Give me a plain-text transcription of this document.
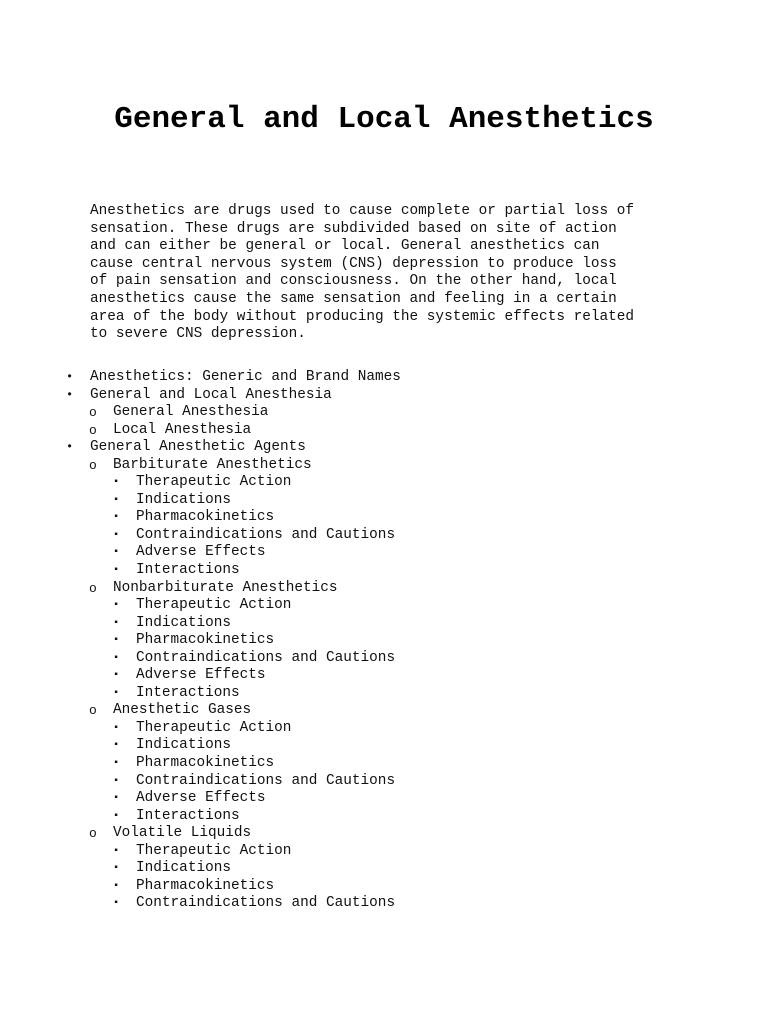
General and Local Anesthetics
Anesthetics are drugs used to cause complete or partial loss of
sensation. These drugs are subdivided based on site of action
and can either be general or local. General anesthetics can
cause central nervous system (CNS) depression to produce loss
of pain sensation and consciousness. On the other hand, local
anesthetics cause the same sensation and feeling in a certain
area of the body without producing the systemic effects related
to severe CNS depression.
• Anesthetics: Generic and Brand Names
• General and Local Anesthesia
o General Anesthesia
o Local Anesthesia
• General Anesthetic Agents
o Barbiturate Anesthetics
▪ Therapeutic Action
▪ Indications
▪ Pharmacokinetics
▪ Contraindications and Cautions
▪ Adverse Effects
▪ Interactions
o Nonbarbiturate Anesthetics
▪ Therapeutic Action
▪ Indications
▪ Pharmacokinetics
▪ Contraindications and Cautions
▪ Adverse Effects
▪ Interactions
o Anesthetic Gases
▪ Therapeutic Action
▪ Indications
▪ Pharmacokinetics
▪ Contraindications and Cautions
▪ Adverse Effects
▪ Interactions
o Volatile Liquids
▪ Therapeutic Action
▪ Indications
▪ Pharmacokinetics
▪ Contraindications and Cautions
